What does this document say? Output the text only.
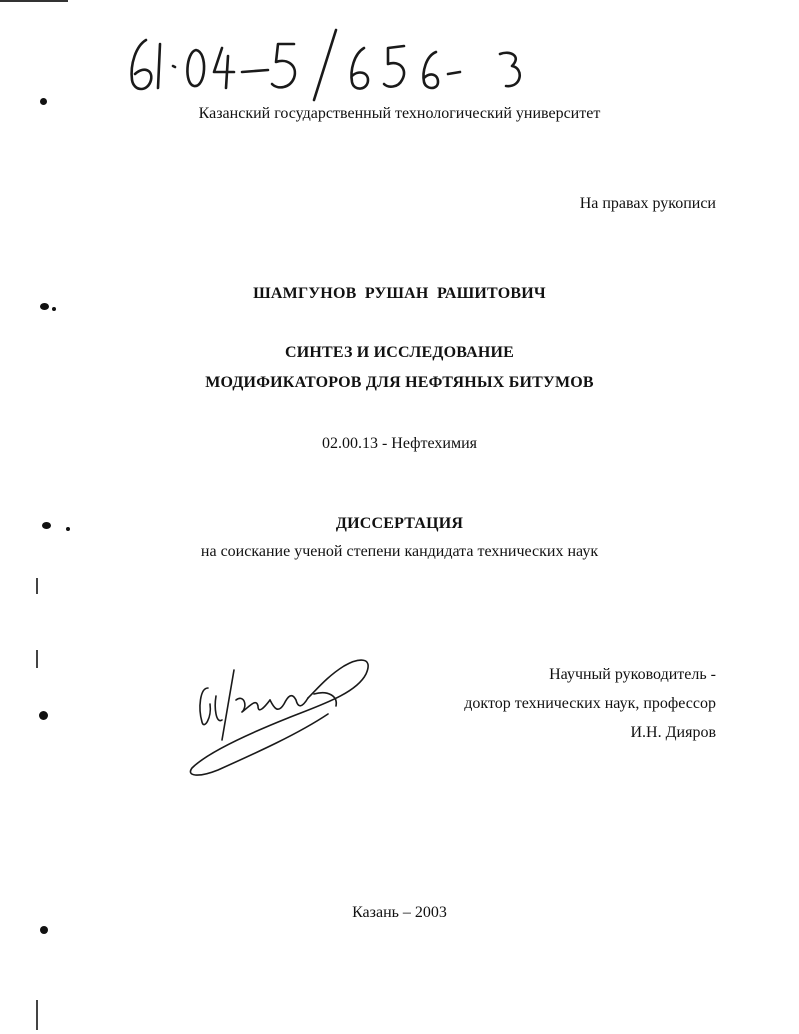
Казанский государственный технологический университет
На правах рукописи
ШАМГУНОВ  РУШАН  РАШИТОВИЧ
СИНТЕЗ И ИССЛЕДОВАНИЕ
МОДИФИКАТОРОВ ДЛЯ НЕФТЯНЫХ БИТУМОВ
02.00.13 - Нефтехимия
ДИССЕРТАЦИЯ
на соискание ученой степени кандидата технических наук
Научный руководитель -
доктор технических наук, профессор
И.Н. Дияров
Казань – 2003
